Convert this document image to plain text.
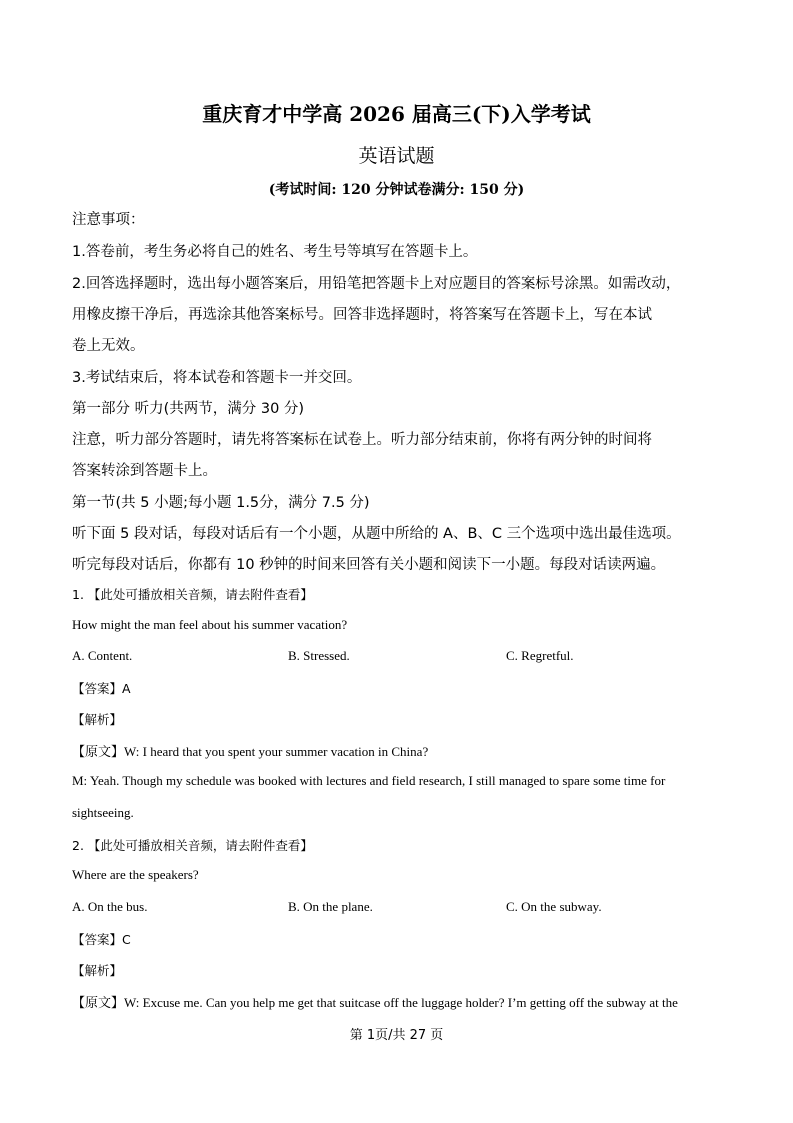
重庆育才中学高 2026 届高三(下)入学考试
英语试题
(考试时间: 120 分钟试卷满分: 150 分)
注意事项：
1.答卷前，考生务必将自己的姓名、考生号等填写在答题卡上。
2.回答选择题时，选出每小题答案后，用铅笔把答题卡上对应题目的答案标号涂黑。如需改动，
用橡皮擦干净后，再选涂其他答案标号。回答非选择题时，将答案写在答题卡上，写在本试
卷上无效。
3.考试结束后，将本试卷和答题卡一并交回。
第一部分 听力(共两节，满分 30 分)
注意，听力部分答题时，请先将答案标在试卷上。听力部分结束前，你将有两分钟的时间将
答案转涂到答题卡上。
第一节(共 5 小题;每小题 1.5分，满分 7.5 分)
听下面 5 段对话，每段对话后有一个小题，从题中所给的 A、B、C 三个选项中选出最佳选项。
听完每段对话后，你都有 10 秒钟的时间来回答有关小题和阅读下一小题。每段对话读两遍。
1. 【此处可播放相关音频，请去附件查看】
How might the man feel about his summer vacation?
A. Content.	B. Stressed.	C. Regretful.
【答案】A
【解析】
【原文】W: I heard that you spent your summer vacation in China?
M: Yeah. Though my schedule was booked with lectures and field research, I still managed to spare some time for
sightseeing.
2. 【此处可播放相关音频，请去附件查看】
Where are the speakers?
A. On the bus.	B. On the plane.	C. On the subway.
【答案】C
【解析】
【原文】W: Excuse me. Can you help me get that suitcase off the luggage holder? I’m getting off the subway at the
第 1页/共 27 页
